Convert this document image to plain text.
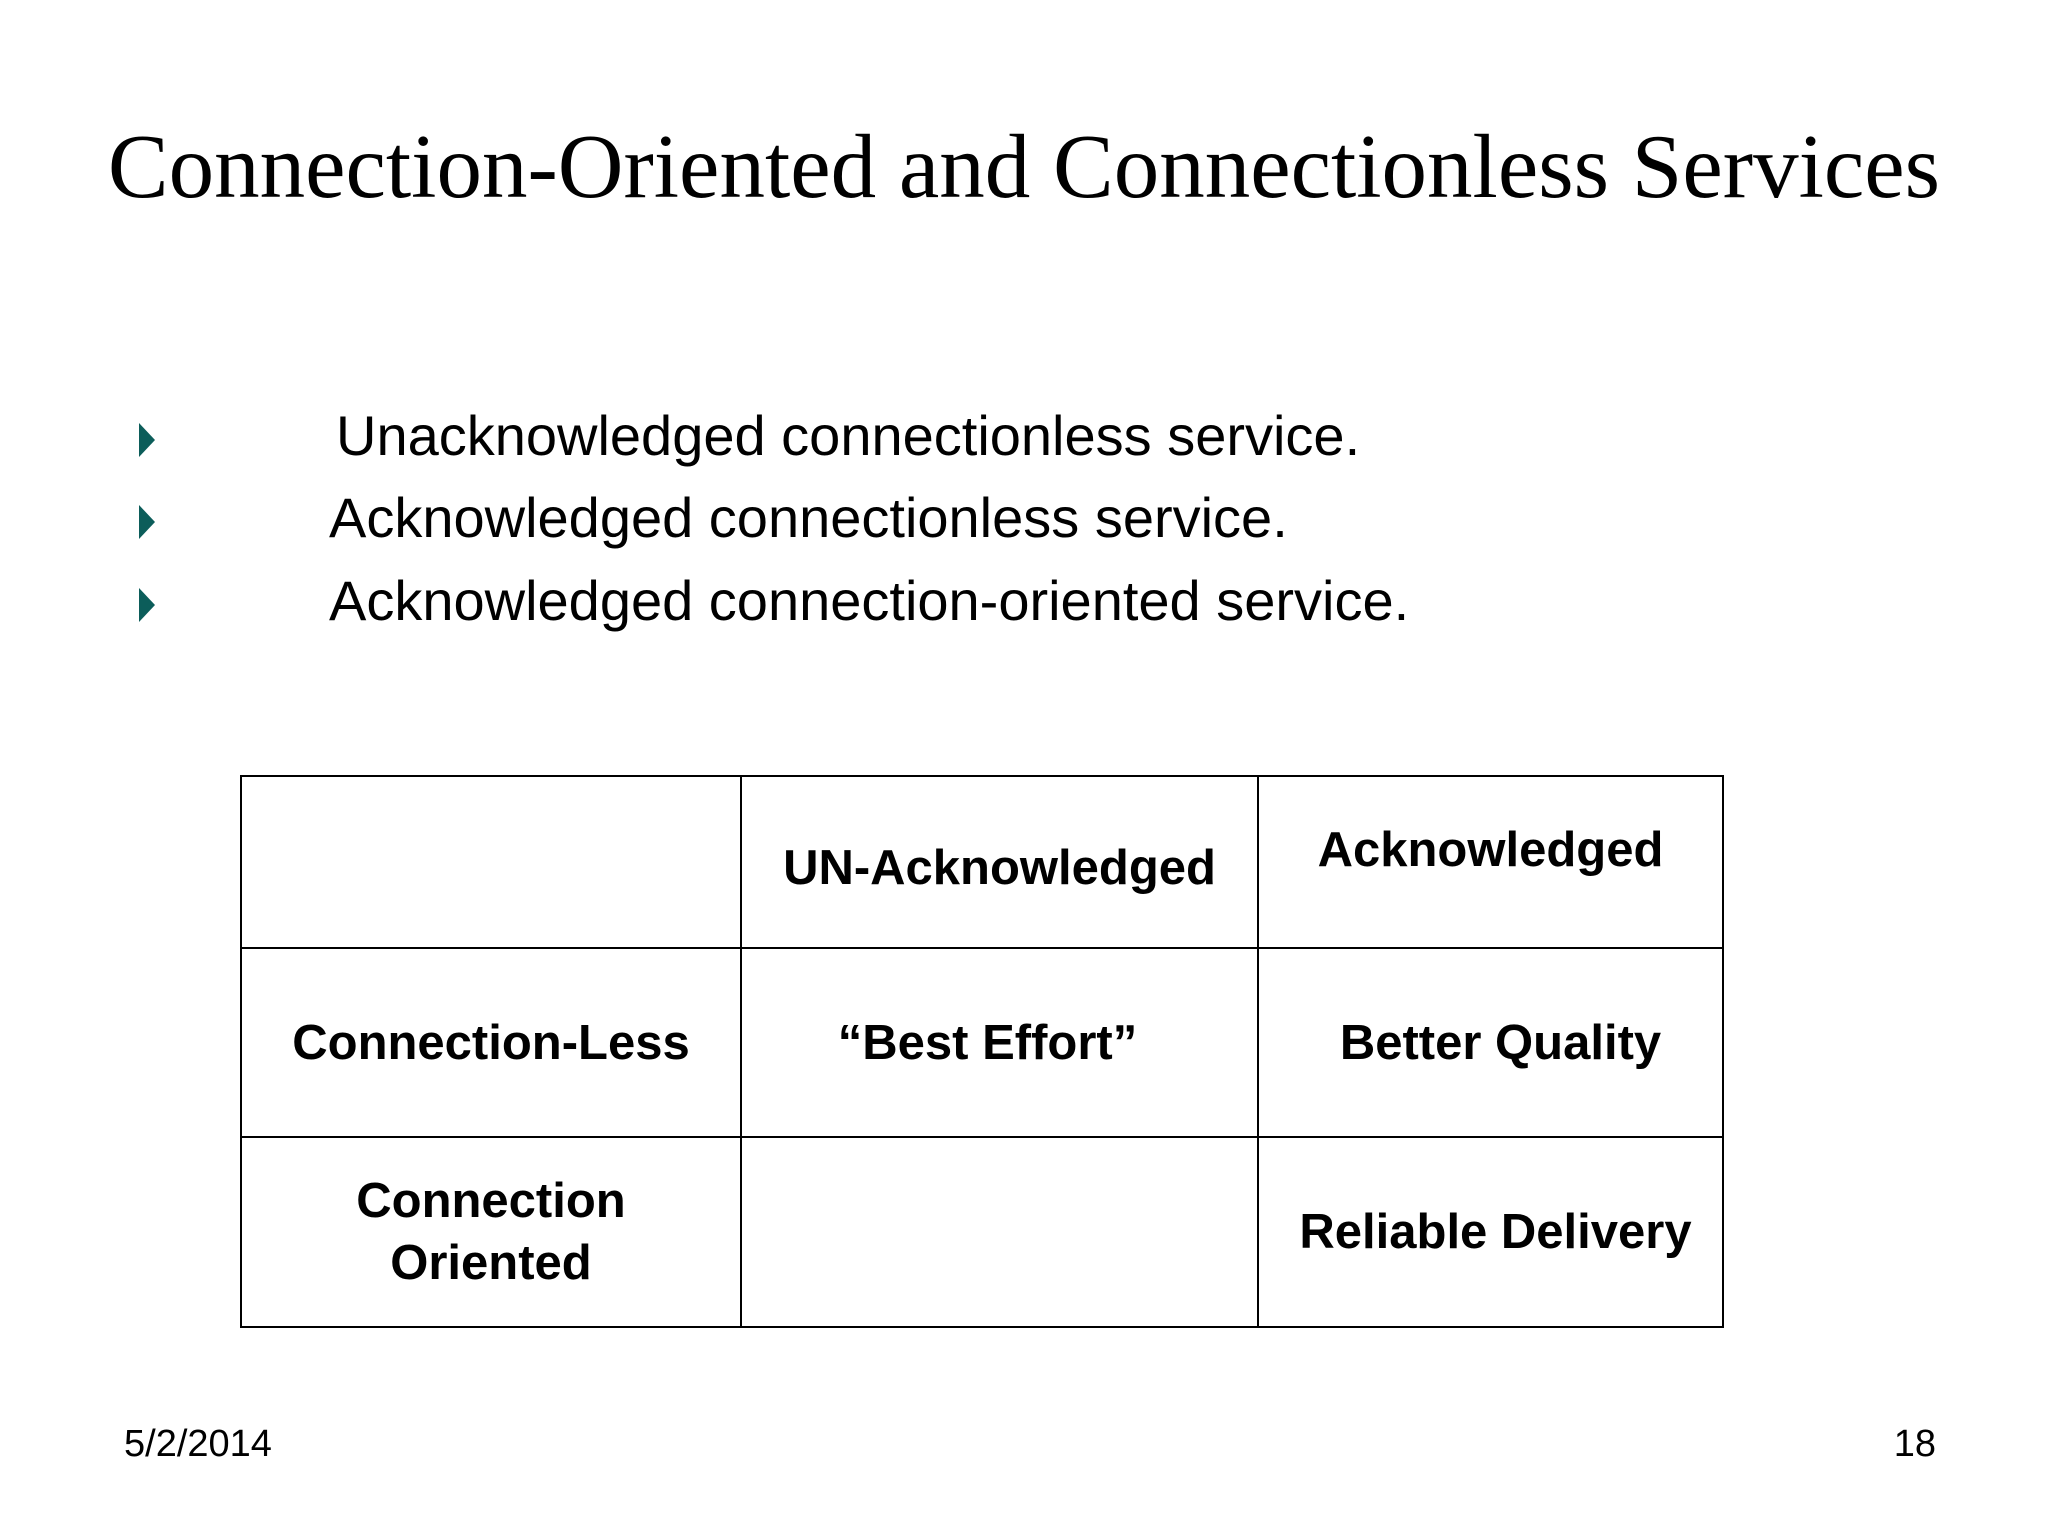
Connection-Oriented and Connectionless Services
Unacknowledged connectionless service.
Acknowledged connectionless service.
Acknowledged connection-oriented service.
	UN-Acknowledged	Acknowledged
Connection-Less	“Best Effort”	Better Quality
Connection Oriented		Reliable Delivery
5/2/2014	18
